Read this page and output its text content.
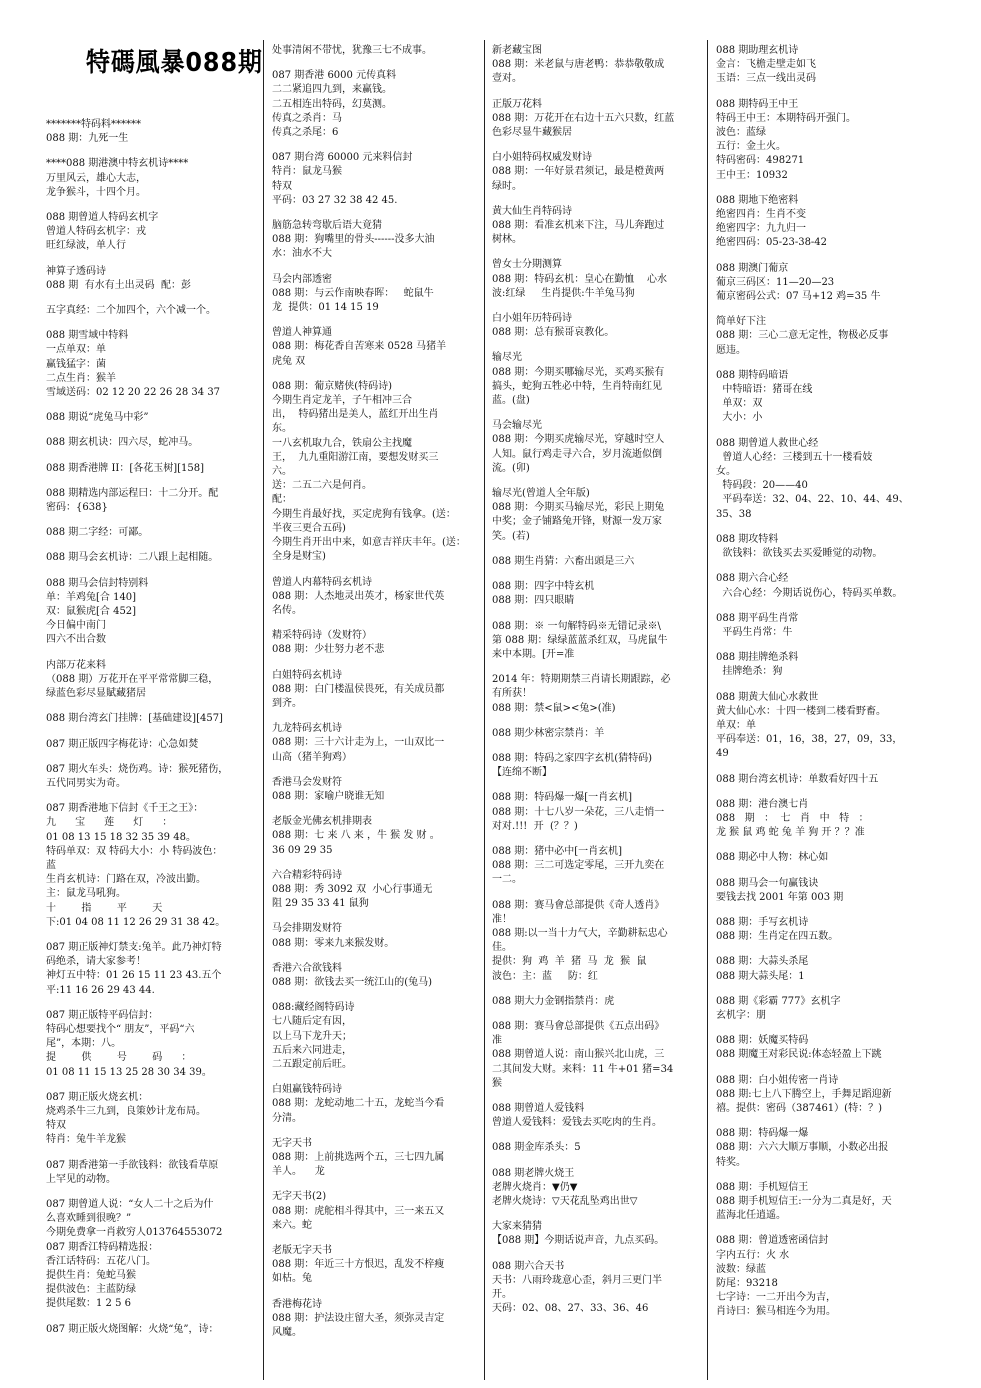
特碼風暴088期
*******特码料******
088 期：九死一生
****088 期港澳中特玄机诗****
万里风云，雄心大志，
龙争猴斗，十四个月。
088 期曾道人特码玄机字
曾道人特码玄机字：戎
旺红绿波，单人行
神算子透码诗
088 期  有水有土出灵码  配：彭
五字真经：二个加四个，六个减一个。
088 期雪域中特料
一点单双：单
赢钱猛字：菌
二点生肖：猴羊
雪域送码：02 12 20 22 26 28 34 37
088 期说“虎兔马中彩”
088 期玄机诀：四六尽，蛇冲马。
088 期香港牌 II：[各花玉树][158]
088 期精选内部运程曰：十二分开。配
密码：{638}
088 期二字经：可鄙。
088 期马会玄机诗：二八跟上起相随。
088 期马会信封特别料
单：羊鸡兔[合 140]
双：鼠猴虎[合 452]
今日偏中南门
四六不出合数
内部万花来料
（088 期）万花开在平平常常脚三稳，
绿蓝色彩尽显賦藏猪居
088 期台湾玄门挂牌：[基础建设][457]
087 期正版四字梅花诗：心急如焚
087 期火车头：烧伤鸡。诗：猴死猪伤，
五代同男实为奇。
087 期香港地下信封《千王之王》：
九      宝      莲      灯      ：
01 08 13 15 18 32 35 39 48。
特码单双：双 特码大小：小 特码波色：
蓝
生肖玄机诗：门路在双，冷波出勤。
主：鼠龙马吼狗。
十        指        平        天
下:01 04 08 11 12 26 29 31 38 42。
087 期正版神灯禁支:兔羊。此乃神灯特
码绝杀，请大家参考！
神灯五中特：01 26 15 11 23 43.五个
平:11 16 26 29 43 44.
087 期正版特平码信封：
特码心想要找个“ 朋友”，平码“六
尾”，本期：八。
提        供        号        码      ：
01 08 11 15 13 25 28 30 34 39。
087 期正版火烧玄机：
烧鸡杀牛三九到，良策妙计龙布局。
特双
特肖：兔牛羊龙猴
087 期香港第一手欲钱料：欲钱看草原
上罕见的动物。
087 期曾道人说：“女人二十之后为什
么喜欢睡到很晚？”
今期免费拿一肖救穷人013764553072
087 期香江特码精选报：
香江话特码：五花八门。
提供生肖：兔蛇马猴
提供波色：主蓝防绿
提供尾数：1 2 5 6
087 期正版火烧图解：火烧“兔”，诗：
处事清闲不带忧，犹豫三七不成事。
087 期香港 6000 元传真料
二二紧追四九到，来赢钱。
二五相连出特码，幻莫测。
传真之杀肖：马
传真之杀尾：6
087 期台湾 60000 元来料信封
特肖：鼠龙马猴
特双
平码：03 27 32 38 42 45.
脑筋急转弯歇后语大竟猜
088 期：狗嘴里的骨头------没多大油
水：油水不大
马会内部透密
088 期：与云作南映春晖：   蛇鼠牛
龙  提供：01 14 15 19
曾道人神算通
088 期：梅花香自苦寒来 0528 马猪羊
虎兔 双
088 期：葡京赌侠(特码诗)
今期生肖定龙羊，子午相冲三合
出，  特码猪出是美人，蓝红开出生肖
东。
一八玄机取九合，铁扇公主找魔
王，  九九重阳游江南，要想发财买三
六。
送：二五二六是何肖。
配：
今期生肖最好找，买定虎狗有钱拿。(送：
半夜三更合五码)
今期生肖开出中来，如意吉祥庆丰年。(送：
全身是财宝)
曾道人内幕特码玄机诗
088 期：人杰地灵出英才，杨家世代英
名传。
精采特码诗（发财符）
088 期：少壮努力老不悲
白姐特码玄机诗
088 期：白门楼温侯畏死，有关成员都
到齐。
九龙特码玄机诗
088 期：三十六计走为上，一山双比一
山高（猪羊狗鸡）
香港马会发财符
088 期：家喻户晓谁无知
老版金光佛玄机排期表
088 期：七 来 八 来 ，牛 猴 发 财 。
36 09 29 35
六合精彩特码诗
088 期：秀 3092 双  小心行事通无
阻 29 35 33 41 鼠狗
马会排期发财符
088 期：零来九来猴发财。
香港六合欲钱料
088 期：欲钱去买一统江山的(兔马)
088:藏经阁特码诗
七八随后定有因，
以上马下龙升天；
五后来六同进走，
二五跟定前后旺。
白姐赢钱特码诗
088 期：龙蛇动地二十五，龙蛇当今看
分清。
无字天书
088 期：上前挑选两个五，三七四九属
羊人。    龙
无字天书(2)
088 期：虎舵相斗得其中，三一来五又
来六。蛇
老版无字天书
088 期：年近三十方恨迟，乱发不梓瘦
如枯。兔
香港梅花诗
088 期：护法设庄留大圣，须弥灵吉定
风魔。
新老藏宝图
088 期：米老鼠与唐老鸭：恭恭敬敬成
壹对。
正版万花料
088 期：万花开在右边十五六只数，红蓝
色彩尽显牛藏猴居
白小姐特码权威发财诗
088 期：一年好景君须记，最是橙黄两
绿时。
黄大仙生肖特码诗
088 期：看准玄机来下注，马儿奔跑过
树林。
曾女士分期测算
088 期：特码玄机：皇心在勤恤    心水
波:红绿     生肖提供:牛羊兔马狗
白小姐年历特码诗
088 期：总有猴哥哀教化。
输尽光
088 期：今期买哪输尽光，买鸡买猴有
搞头，蛇狗五牲必中特，生肖特南红见
蓝。(盘)
马会输尽光
088 期：今期买虎输尽光，穿越时空人
人知。鼠行鸡走寻六合，岁月流逝似倒
流。(卯)
输尽光(曾道人全年版)
088 期：今期买马输尽光，彩民上期兔
中奖；金子铺路兔开锋，财源一发万家
笑。(若)
088 期生肖猜：六畜出頭是三六
088 期：四字中特玄机
088 期：四只眼睛
088 期：※ 一句解特码※无错记录※\
第 088 期：绿绿蓝蓝杀红双，马虎鼠牛
来中本期。[开=准
2014 年：特期期禁三肖请长期跟踪，必
有所获！
088 期：禁<鼠><兔>(准)
088 期少林密宗禁肖：羊
088 期：特码之家四字玄机(猜特码)
【连绵不断】
088 期：特码爆一爆[一肖玄机]
088 期：十七八岁一朵花，三八走悄一
对对.!!!  开  (？？)
088 期：猪中必中[一肖玄机]
088 期：三二可选定零尾，三开九奕在
一二。
088 期：赛马會总部提供《奇人透肖》
准！
088 期:以一当十力气大，辛勤耕耘忠心
佳。
提供：狗  鸡  羊  猪  马  龙  猴  鼠
波色：主：蓝     防：红
088 期大力金钢指禁肖：虎
088 期：赛马會总部提供《五点出码》
准
088 期曾道人说：南山猴兴北山虎，三
二其间发大财。来料：11 牛+01 猪=34
猴
088 期曾道人爱钱料
曾道人爱钱料：爱钱去买吃肉的生肖。
088 期金库杀头：5
088 期老牌火烧王
老牌火烧肖：▼仍▼
老牌火烧诗：▽天花乱坠鸡出世▽
大家来猜猜
【088 期】今期话说声音，九点买码。
088 期六合天书
天书：八雨玲珑意心歪，斜月三更门半
开。
天码：02、08、27、33、36、46
088 期助理玄机诗
金言：飞檐走壁走如飞
玉语：三点一线出灵码
088 期特码王中王
特码王中王：本期特码开强门。
波色：蓝绿
五行：金土火。
特码密码：498271
王中王：10932
088 期地下绝密料
绝密四肖：生肖不变
绝密四字：九九归一
绝密四码：05-23-38-42
088 期澳门葡京
葡京三码区：11—20—23
葡京密码公式：07 马+12 鸡=35 牛
简单好下注
088 期：三心二意无定性，物极必反事
愿违。
088 期特码暗语
中特暗语：猪哥在线
单双：双
大小：小
088 期曾道人救世心经
曾道人心经：三楼到五十一楼看妓
女。
特码段：20——40
平码奉送：32、04、22、10、44、49、
35、38
088 期攻特料
欲钱料：欲钱买去买爱睡觉的动物。
088 期六合心经
六合心经：今期话说伤心，特码买单数。
088 期平码生肖常
平码生肖常：牛
088 期挂牌绝杀料
挂牌绝杀：狗
088 期黄大仙心水救世
黄大仙心水：十四一楼到二楼看野畜。
单双：单
平码奉送：01，16，38，27，09，33，
49
088 期台湾玄机诗：单数看好四十五
088 期：港台澳七肖
088   期   ：  七   肖   中   特   ：
龙 猴 鼠 鸡 蛇 兔 羊 狗 开 ？？准
088 期必中人物：林心如
088 期马会一句赢钱诀
要钱去找 2001 年第 003 期
088 期：手写玄机诗
088 期：生肖定在四五数。
088 期：大蒜头杀尾
088 期大蒜头尾：1
088 期《彩霸 777》玄机字
玄机字：朋
088 期：妖魔买特码
088 期魔王对彩民说:体态轻盈上下跳
088 期：白小姐传密一肖诗
088 期:七上八下腾空上，手舞足蹈迎新
禧。提供：密码（387461）(特：？)
088 期：特码爆一爆
088 期：六六大顺万事顺，小数必出报
特奖。
088 期：手机短信王
088 期手机短信王:一分为二真是好，天
蓝海北任逍遥。
088 期：曾道透密函信封
字内五行：火 水
波数：绿蓝
防尾：93218
七字诗：一二开出今为吉，
肖诗曰：猴马相连今为用。
